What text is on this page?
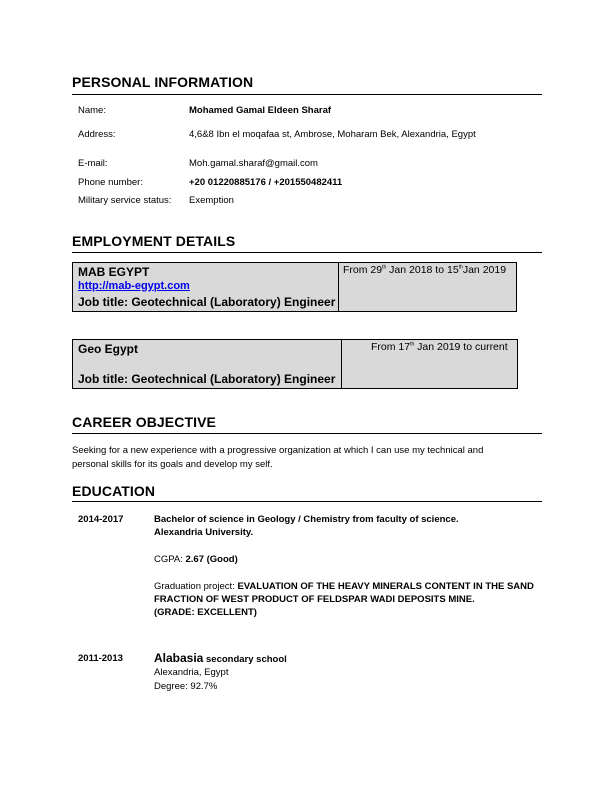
PERSONAL INFORMATION
Name:	Mohamed Gamal Eldeen Sharaf
Address:	4,6&8 Ibn el moqafaa st, Ambrose, Moharam Bek, Alexandria, Egypt
E-mail:	Moh.gamal.sharaf@gmail.com
Phone number:	+20 01220885176 / +201550482411
Military service status: Exemption
EMPLOYMENT DETAILS
MAB EGYPT
http://mab-egypt.com
Job title: Geotechnical (Laboratory) Engineer
From 29th Jan 2018 to 15thJan 2019
Geo Egypt
Job title: Geotechnical (Laboratory) Engineer
From 17th Jan 2019 to current
CAREER OBJECTIVE
Seeking for a new experience with a progressive organization at which I can use my technical and
personal skills for its goals and develop my self.
EDUCATION
2014-2017	Bachelor of science in Geology / Chemistry from faculty of science.
Alexandria University.
CGPA: 2.67 (Good)
Graduation project: EVALUATION OF THE HEAVY MINERALS CONTENT IN THE SAND
FRACTION OF WEST PRODUCT OF FELDSPAR WADI DEPOSITS MINE.
(GRADE: EXCELLENT)
2011-2013	Alabasia secondary school
Alexandria, Egypt
Degree: 92.7%
